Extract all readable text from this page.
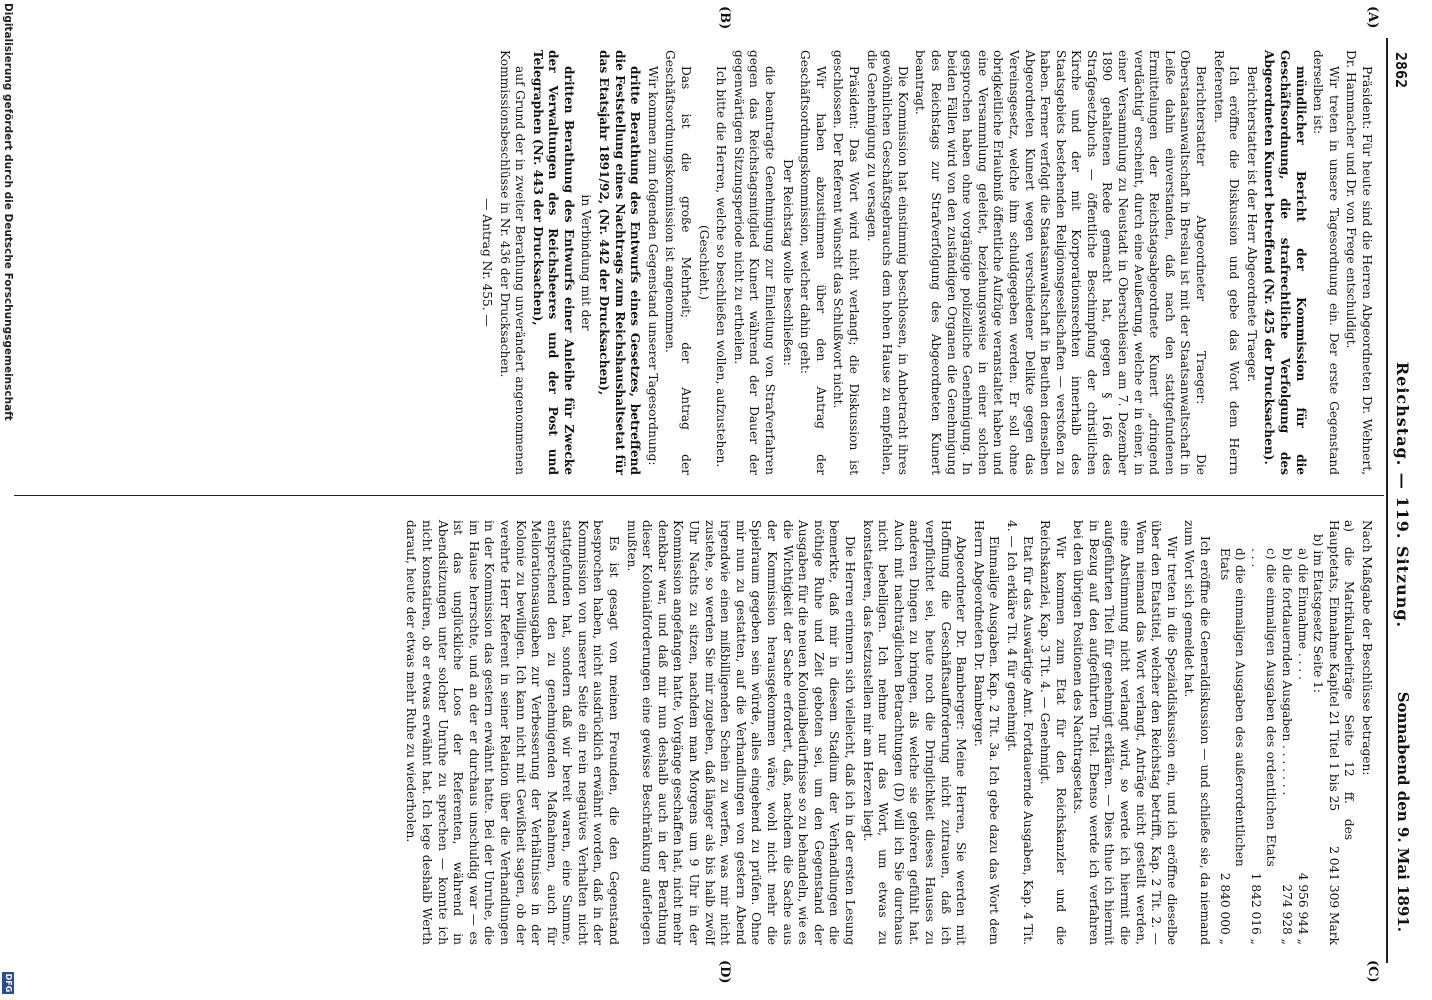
2862
Reichstag. — 119. Sitzung.
Sonnabend den 9. Mai 1891.
(A)
(B)
(C)
(D)

Präsident: Für heute sind die Herren Abgeordneten Dr. Wehnert, Dr. Hammacher und Dr. von Frege entschuldigt.

Wir treten in unsere Tagesordnung ein. Der erste Gegenstand derselben ist:

mündlicher Bericht der Kommission für die Geschäftsordnung, die strafrechtliche Verfolgung des Abgeordneten Kunert betreffend (Nr. 425 der Drucksachen).

Berichterstatter ist der Herr Abgeordnete Traeger.

Ich eröffne die Diskussion und gebe das Wort dem Herrn Referenten.

Berichterstatter Abgeordneter Traeger: Die Oberstaatsanwaltschaft in Breslau ist mit der Staatsanwaltschaft in Leiße dahin einverstanden, daß nach den stattgefundenen Ermittelungen der Reichstagsabgeordnete Kunert „dringend verdächtig" erscheint, durch eine Aeußerung, welche er in einer, in einer Versammlung zu Neustadt in Oberschlesien am 7. Dezember 1890 gehaltenen Rede gemacht hat, gegen § 166 des Strafgesetzbuchs — öffentliche Beschimpfung der christlichen Kirche und der mit Korporationsrechten innerhalb des Staatsgebiets bestehenden Religionsgesellschaften — verstoßen zu haben. Ferner verfolgt die Staatsanwaltschaft in Beuthen denselben Abgeordneten Kunert wegen verschiedener Delikte gegen das Vereinsgesetz, welche ihm schuldgegeben werden. Er soll ohne obrigkeitliche Erlaubniß öffentliche Aufzüge veranstaltet haben und eine Versammlung geleitet, beziehungsweise in einer solchen gesprochen haben ohne vorgängige polizeiliche Genehmigung. In beiden Fällen wird von den zuständigen Organen die Genehmigung des Reichstags zur Strafverfolgung des Abgeordneten Kunert beantragt.

Die Kommission hat einstimmig beschlossen, in Anbetracht ihres gewöhnlichen Geschäftsgebrauchs dem hohen Hause zu empfehlen, die Genehmigung zu versagen.

Präsident: Das Wort wird nicht verlangt; die Diskussion ist geschlossen. Der Referent wünscht das Schlußwort nicht.

Wir haben abzustimmen über den Antrag der Geschäftsordnungskommission, welcher dahin geht:

Der Reichstag wolle beschließen:

die beantragte Genehmigung zur Einleitung von Strafverfahren gegen das Reichstagsmitglied Kunert während der Dauer der gegenwärtigen Sitzungsperiode nicht zu ertheilen.

Ich bitte die Herren, welche so beschließen wollen, aufzustehen.

(Geschieht.)

Das ist die große Mehrheit; der Antrag der Geschäftsordnungskommission ist angenommen.

Wir kommen zum folgenden Gegenstand unserer Tagesordnung:

dritte Berathung des Entwurfs eines Gesetzes, betreffend die Feststellung eines Nachtrags zum Reichshaushaltsetat für das Etatsjahr 1891/92, (Nr. 442 der Drucksachen),

in Verbindung mit der

dritten Berathung des Entwurfs einer Anleihe für Zwecke der Verwaltungen des Reichsheeres und der Post und Telegraphen (Nr. 443 der Drucksachen),

auf Grund der in zweiter Berathung unverändert angenommenen Kommissionsbeschlüsse in Nr. 436 der Drucksachen.

— Antrag Nr. 455. —

Nach Maßgabe der Beschlüsse betragen:

a) die Matrikularbeiträge Seite 12 ff. des Hauptetats, Einnahme Kapitel 21 Titel 1 bis 25
2 041 309 Mark
b) im Etatsgesetz Seite 1:
a) die Einnahme . . . .
4 956 944 „
b) die fortdauernden Ausgaben . . . . . . .
274 928 „
c) die einmaligen Ausgaben des ordentlichen Etats . . .
1 842 016 „
d) die einmaligen Ausgaben des außerordentlichen Etats
2 840 000 „

Ich eröffne die Generaldiskussion — und schließe sie, da niemand zum Wort sich gemeldet hat.

Wir treten in die Spezialdiskussion ein, und ich eröffne dieselbe über den Etatstitel, welcher den Reichstag betrifft, Kap. 2 Tit. 2. — Wenn niemand das Wort verlangt, Anträge nicht gestellt werden, eine Abstimmung nicht verlangt wird, so werde ich hiermit die aufgeführten Titel für genehmigt erklären. — Dies thue ich hiermit in Bezug auf den aufgeführten Titel. Ebenso werde ich verfahren bei den übrigen Positionen des Nachtragsetats.

Wir kommen zum Etat für den Reichskanzler und die Reichskanzlei, Kap. 3 Tit. 4. — Genehmigt.

Etat für das Auswärtige Amt. Fortdauernde Ausgaben, Kap. 4 Tit. 4. — Ich erkläre Tit. 4 für genehmigt.

Einmalige Ausgaben. Kap. 2 Tit. 3a. Ich gebe dazu das Wort dem Herrn Abgeordneten Dr. Bamberger.

Abgeordneter Dr. Bamberger: Meine Herren, Sie werden mit Hoffnung die Geschäftsaufforderung nicht zutrauen, daß ich verpflichtet sei, heute noch die Dringlichkeit dieses Hauses zu anderen Dingen zu bringen, als welche sie gehören gefühlt hat. Auch mit nachträglichen Betrachtungen (D) will ich Sie durchaus nicht behelligen. Ich nehme nur das Wort, um etwas zu konstatieren, das festzustellen mir am Herzen liegt.

Die Herren erinnern sich vielleicht, daß ich in der ersten Lesung bemerkte, daß mir in diesem Stadium der Verhandlungen die nöthige Ruhe und Zeit geboten sei, um den Gegenstand der Ausgaben für die neuen Kolonialbedürfnisse so zu behandeln, wie es die Wichtigkeit der Sache erfordert, daß, nachdem die Sache aus der Kommission herausgekommen wäre, wohl nicht mehr die Spielraum gegeben sein würde, alles eingehend zu prüfen. Ohne mir nun zu gestatten, auf die Verhandlungen von gestern Abend irgendwie einen mißbilligenden Schein zu werfen, was mir nicht zustehe, so werden Sie mir zugeben, daß länger als bis halb zwölf Uhr Nachts zu sitzen, nachdem man Morgens um 9 Uhr in der Kommission angefangen hatte, Vorgänge geschaffen hat, nicht mehr denkbar war, und daß mir nun deshalb auch in der Berathung dieser Kolonialforderungen eine gewisse Beschränkung auferlegen mußten.

Es ist gesagt von meinen Freunden, die den Gegenstand besprochen haben, nicht ausdrücklich erwähnt worden, daß in der Kommission von unserer Seite ein rein negatives Verhalten nicht stattgefunden hat, sondern daß wir bereit waren, eine Summe, entsprechend den zu genehmigenden Maßnahmen, auch für Meliorationsausgaben zur Verbesserung der Verhältnisse in der Kolonie zu bewilligen. Ich kann nicht mit Gewißheit sagen, ob der verehrte Herr Referent in seiner Relation über die Verhandlungen in der Kommission das gestern erwähnt hatte. Bei der Unruhe, die im Hause herrschte, und an der er durchaus unschuldig war — es ist das unglückliche Loos der Referenten, während in Abendsitzungen unter solcher Unruhe zu sprechen — konnte ich nicht konstatiren, ob er etwas erwähnt hat. Ich lege deshalb Werth darauf, heute der etwas mehr Ruhe zu wiederholen.

Digitalisierung gefördert durch die Deutsche Forschungsgemeinschaft
DFG
